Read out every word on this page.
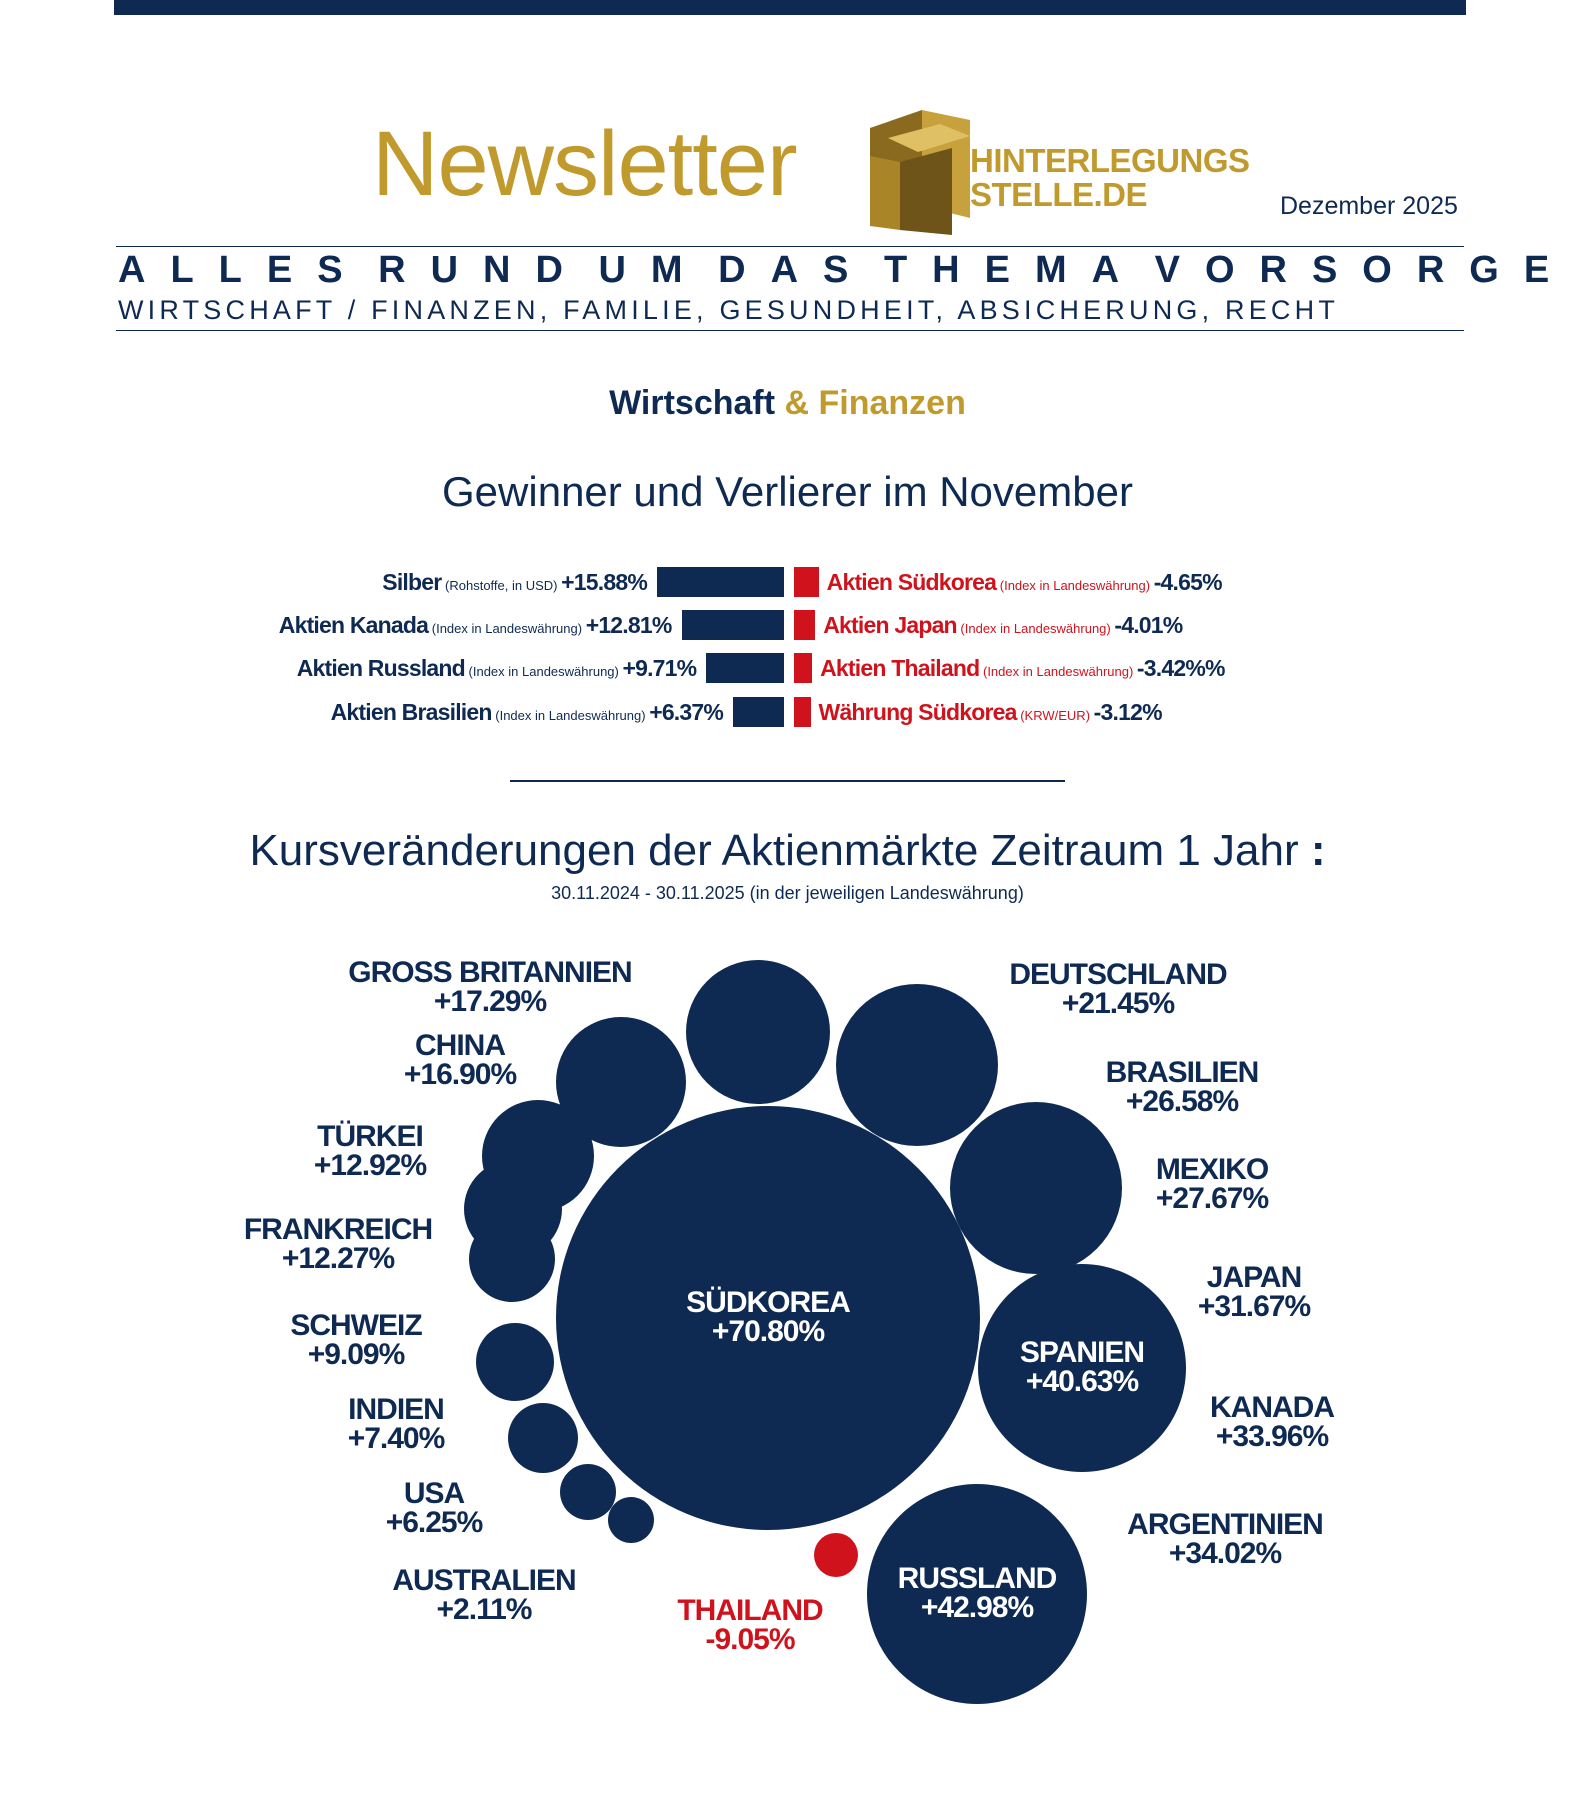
Newsletter	HINTERLEGUNGS
STELLE.DE	Dezember 2025
ALLES RUND UM DAS THEMA VORSORGE
WIRTSCHAFT / FINANZEN, FAMILIE, GESUNDHEIT, ABSICHERUNG, RECHT
Wirtschaft & Finanzen
Gewinner und Verlierer im November
Silber (Rohstoffe, in USD) +15.88%
Aktien Kanada (Index in Landeswährung) +12.81%
Aktien Russland (Index in Landeswährung) +9.71%
Aktien Brasilien (Index in Landeswährung) +6.37%
Aktien Südkorea (Index in Landeswährung) -4.65%
Aktien Japan (Index in Landeswährung) -4.01%
Aktien Thailand (Index in Landeswährung) -3.42%%
Währung Südkorea (KRW/EUR) -3.12%
Kursveränderungen der Aktienmärkte Zeitraum 1 Jahr :
30.11.2024 - 30.11.2025 (in der jeweiligen Landeswährung)
SÜDKOREA
+70.80%
RUSSLAND
+42.98%
SPANIEN
+40.63%
ARGENTINIEN
+34.02%
KANADA
+33.96%
JAPAN
+31.67%
MEXIKO
+27.67%
BRASILIEN
+26.58%
DEUTSCHLAND
+21.45%
GROSS BRITANNIEN
+17.29%
CHINA
+16.90%
TÜRKEI
+12.92%
FRANKREICH
+12.27%
SCHWEIZ
+9.09%
INDIEN
+7.40%
USA
+6.25%
AUSTRALIEN
+2.11%	THAILAND
-9.05%
